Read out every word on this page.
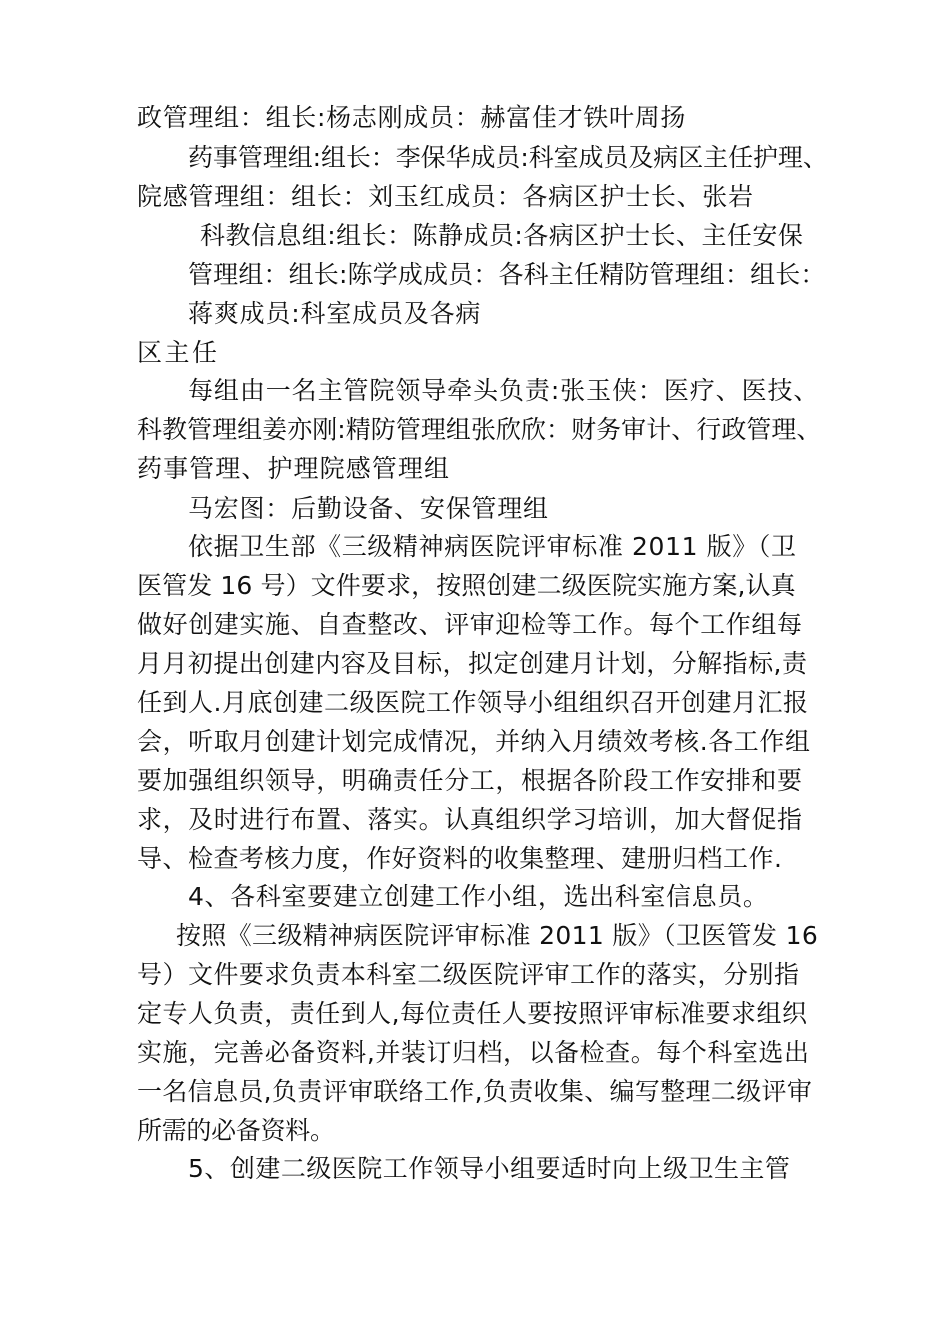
政管理组：组长:杨志刚成员：赫富佳才铁叶周扬

药事管理组:组长：李保华成员:科室成员及病区主任护理、

院感管理组：组长：刘玉红成员：各病区护士长、张岩

科教信息组:组长：陈静成员:各病区护士长、主任安保

管理组：组长:陈学成成员：各科主任精防管理组：组长：

蒋爽成员:科室成员及各病

区主任

每组由一名主管院领导牵头负责:张玉侠：医疗、医技、

科教管理组姜亦刚:精防管理组张欣欣：财务审计、行政管理、

药事管理、护理院感管理组

马宏图：后勤设备、安保管理组

依据卫生部《三级精神病医院评审标准 2011 版》（卫

医管发 16 号）文件要求，按照创建二级医院实施方案,认真

做好创建实施、自查整改、评审迎检等工作。每个工作组每

月月初提出创建内容及目标，拟定创建月计划，分解指标,责

任到人.月底创建二级医院工作领导小组组织召开创建月汇报

会，听取月创建计划完成情况，并纳入月绩效考核.各工作组

要加强组织领导，明确责任分工，根据各阶段工作安排和要

求，及时进行布置、落实。认真组织学习培训，加大督促指

导、检查考核力度，作好资料的收集整理、建册归档工作.

4、各科室要建立创建工作小组，选出科室信息员。

按照《三级精神病医院评审标准 2011 版》（卫医管发 16

号）文件要求负责本科室二级医院评审工作的落实，分别指

定专人负责，责任到人,每位责任人要按照评审标准要求组织

实施，完善必备资料,并装订归档，以备检查。每个科室选出

一名信息员,负责评审联络工作,负责收集、编写整理二级评审

所需的必备资料。

5、创建二级医院工作领导小组要适时向上级卫生主管
